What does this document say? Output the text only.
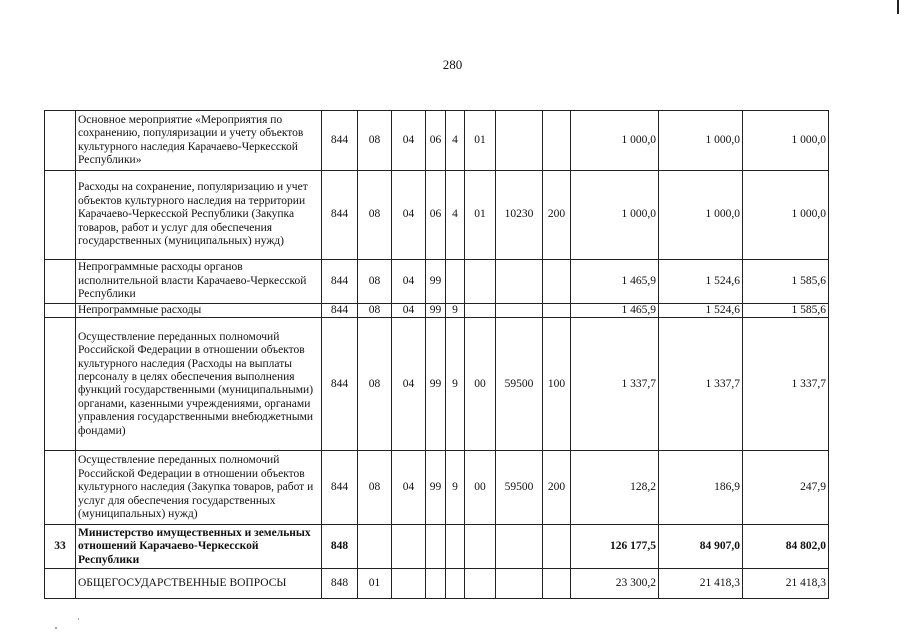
280
	Основное мероприятие «Мероприятия по сохранению, популяризации и учету объектов культурного наследия Карачаево-Черкесской Республики»	844	08	04	06	4	01			1 000,0	1 000,0	1 000,0
	Расходы на сохранение, популяризацию и учет объектов культурного наследия на территории Карачаево-Черкесской Республики (Закупка товаров, работ и услуг для обеспечения государственных (муниципальных) нужд)	844	08	04	06	4	01	10230	200	1 000,0	1 000,0	1 000,0
	Непрограммные расходы органов исполнительной власти Карачаево-Черкесской Республики	844	08	04	99					1 465,9	1 524,6	1 585,6
	Непрограммные расходы	844	08	04	99	9				1 465,9	1 524,6	1 585,6
	Осуществление переданных полномочий Российской Федерации в отношении объектов культурного наследия (Расходы на выплаты персоналу в целях обеспечения выполнения функций государственными (муниципальными) органами, казенными учреждениями, органами управления государственными внебюджетными фондами)	844	08	04	99	9	00	59500	100	1 337,7	1 337,7	1 337,7
	Осуществление переданных полномочий Российской Федерации в отношении объектов культурного наследия (Закупка товаров, работ и услуг для обеспечения государственных (муниципальных) нужд)	844	08	04	99	9	00	59500	200	128,2	186,9	247,9
33	Министерство имущественных и земельных отношений Карачаево-Черкесской Республики	848								126 177,5	84 907,0	84 802,0
	ОБЩЕГОСУДАРСТВЕННЫЕ ВОПРОСЫ	848	01							23 300,2	21 418,3	21 418,3
